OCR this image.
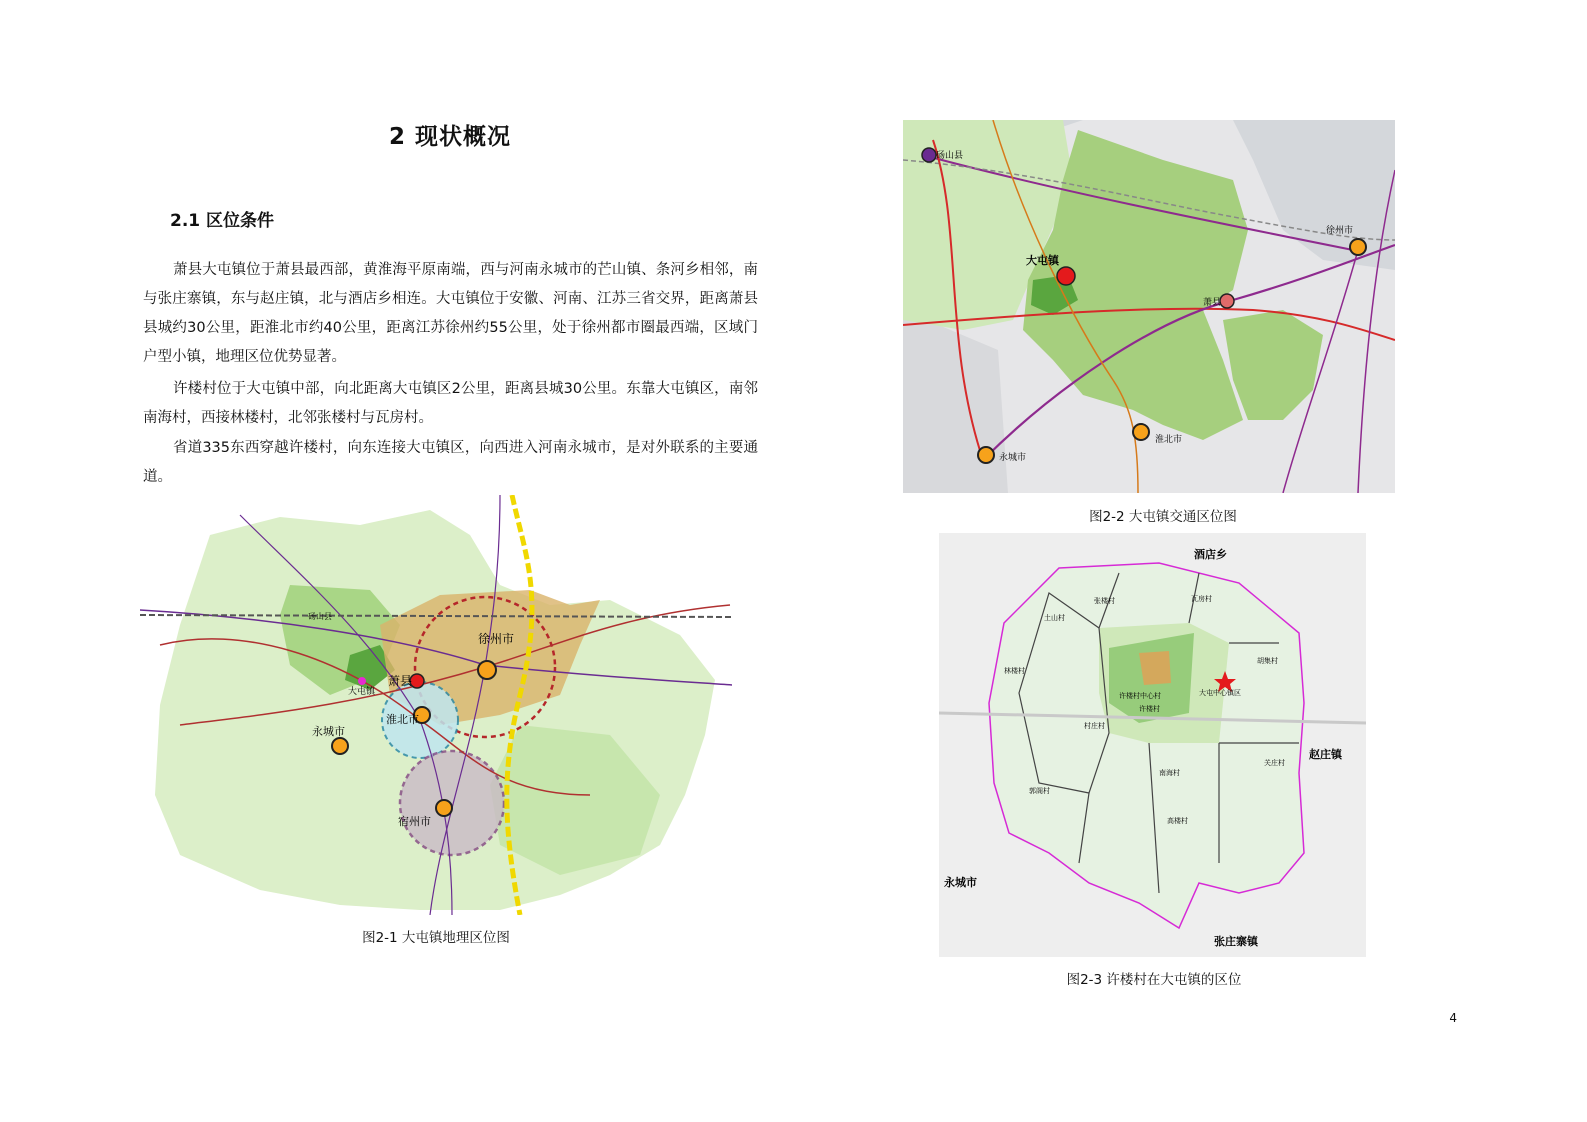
2 现状概况
2.1 区位条件

萧县大屯镇位于萧县最西部，黄淮海平原南端，西与河南永城市的芒山镇、条河乡相邻，南与张庄寨镇，东与赵庄镇，北与酒店乡相连。大屯镇位于安徽、河南、江苏三省交界，距离萧县县城约30公里，距淮北市约40公里，距离江苏徐州约55公里，处于徐州都市圈最西端，区域门户型小镇，地理区位优势显著。

许楼村位于大屯镇中部，向北距离大屯镇区2公里，距离县城30公里。东靠大屯镇区，南邻南海村，西接林楼村，北邻张楼村与瓦房村。

省道335东西穿越许楼村，向东连接大屯镇区，向西进入河南永城市，是对外联系的主要通道。

徐州市
萧县
大屯镇
淮北市
永城市
宿州市
砀山县
图2-1 大屯镇地理区位图
砀山县
大屯镇
萧县
徐州市
淮北市
永城市
图2-2 大屯镇交通区位图
酒店乡
赵庄镇
永城市
张庄寨镇
张楼村	瓦房村
土山村
胡集村
林楼村
许楼村中心村
许楼村
大屯中心镇区
村庄村
关庄村
郭阁村
南海村
高楼村
图2-3 许楼村在大屯镇的区位
4
